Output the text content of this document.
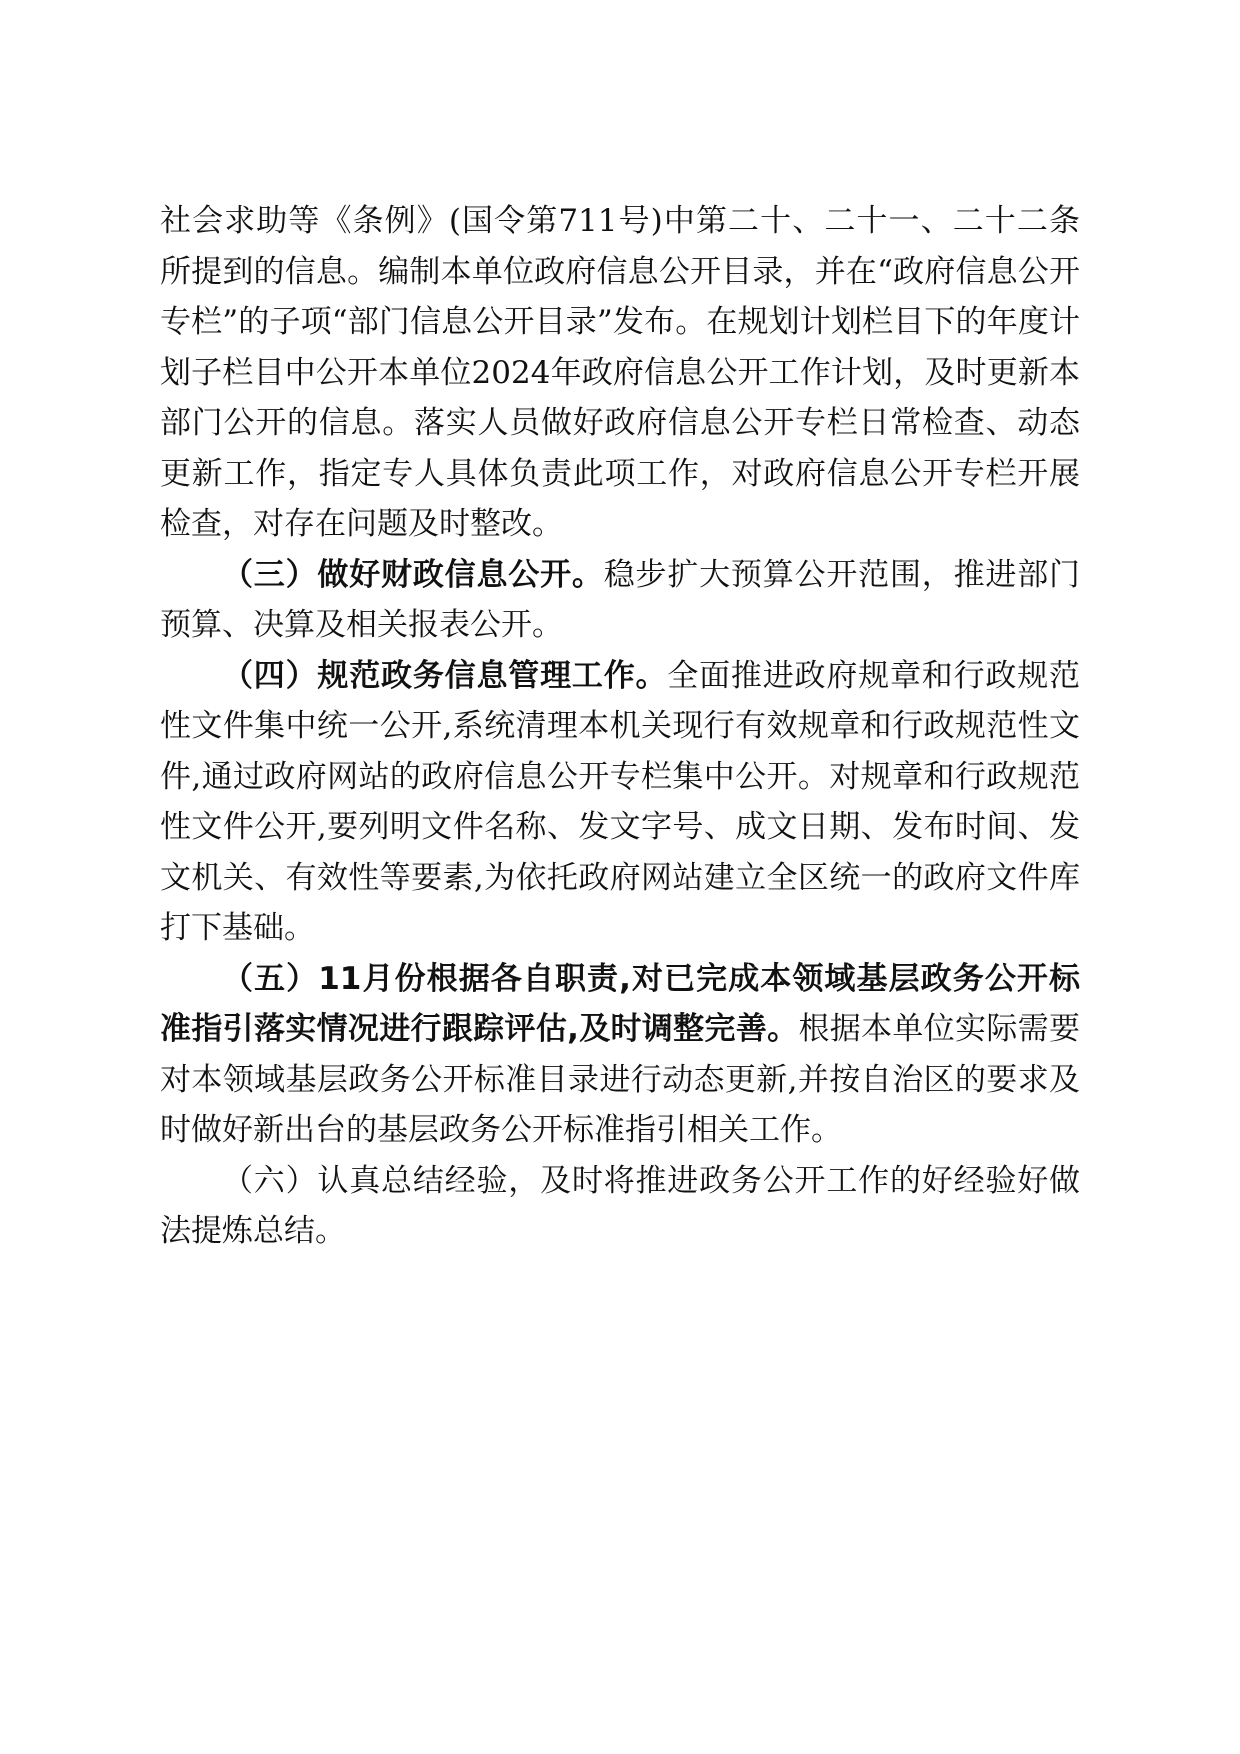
社会求助等《条例》(国令第711号)中第二十、二十一、二十二条所提到的信息。编制本单位政府信息公开目录，并在“政府信息公开专栏”的子项“部门信息公开目录”发布。在规划计划栏目下的年度计划子栏目中公开本单位2024年政府信息公开工作计划，及时更新本部门公开的信息。落实人员做好政府信息公开专栏日常检查、动态更新工作，指定专人具体负责此项工作，对政府信息公开专栏开展检查，对存在问题及时整改。

（三）做好财政信息公开。稳步扩大预算公开范围，推进部门预算、决算及相关报表公开。

（四）规范政务信息管理工作。全面推进政府规章和行政规范性文件集中统一公开,系统清理本机关现行有效规章和行政规范性文件,通过政府网站的政府信息公开专栏集中公开。对规章和行政规范性文件公开,要列明文件名称、发文字号、成文日期、发布时间、发文机关、有效性等要素,为依托政府网站建立全区统一的政府文件库打下基础。

（五）11月份根据各自职责,对已完成本领域基层政务公开标准指引落实情况进行跟踪评估,及时调整完善。根据本单位实际需要对本领域基层政务公开标准目录进行动态更新,并按自治区的要求及时做好新出台的基层政务公开标准指引相关工作。

（六）认真总结经验，及时将推进政务公开工作的好经验好做法提炼总结。
